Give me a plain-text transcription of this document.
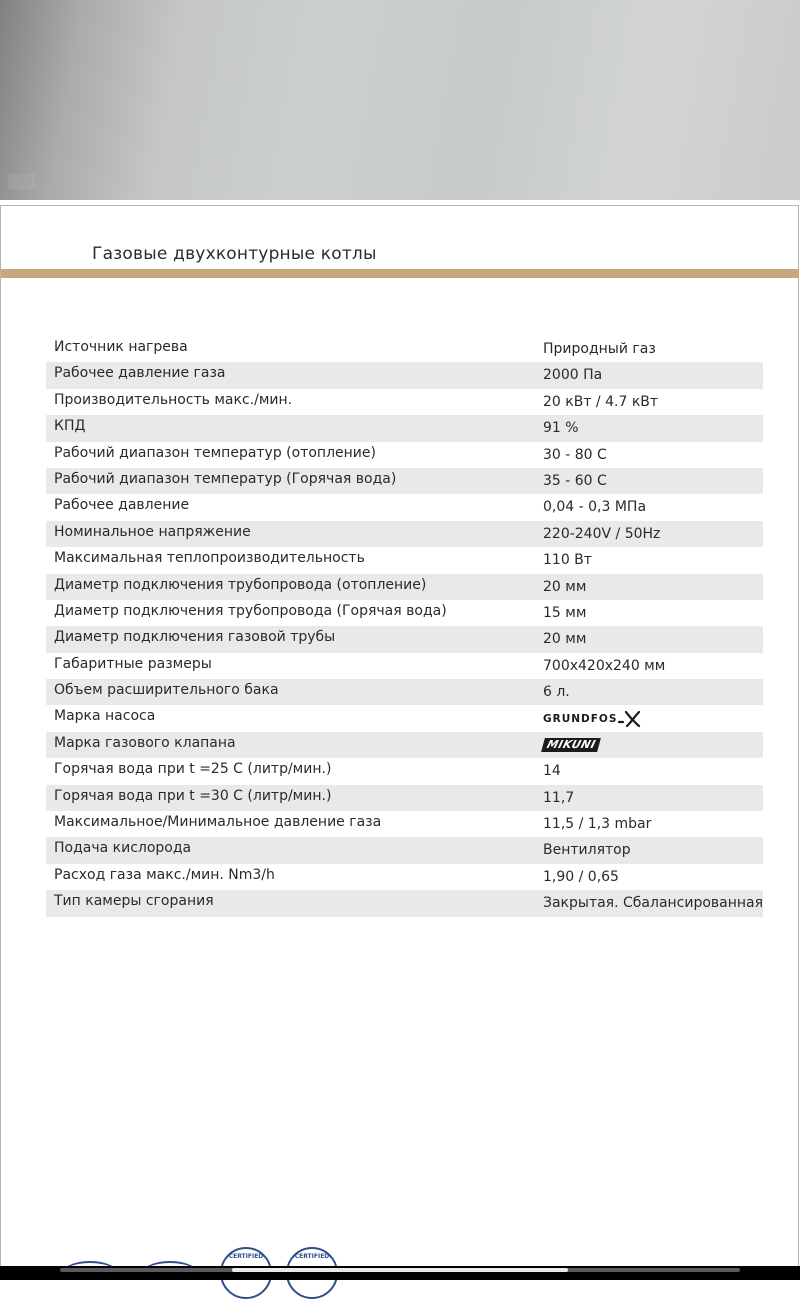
105
Газовые двухконтурные котлы
Источник нагрева	Природный газ
Рабочее давление газа	2000 Па
Производительность макс./мин.	20 кВт / 4.7 кВт
КПД	91 %
Рабочий диапазон температур (отопление)	30 - 80 С
Рабочий диапазон температур (Горячая вода)	35 - 60 С
Рабочее давление	0,04 - 0,3 МПа
Номинальное напряжение	220-240V / 50Hz
Максимальная теплопроизводительность	110 Вт
Диаметр подключения трубопровода (отопление)	20 мм
Диаметр подключения трубопровода (Горячая вода)	15 мм
Диаметр подключения газовой трубы	20 мм
Габаритные размеры	700x420x240 мм
Объем расширительного бака	6 л.
Марка насоса	GRUNDFOS
Марка газового клапана	MIKUNI
Горячая вода при t =25 C (литр/мин.)	14
Горячая вода при t =30 C (литр/мин.)	11,7
Максимальное/Минимальное давление газа	11,5 / 1,3 mbar
Подача кислорода	Вентилятор
Расход газа макс./мин. Nm3/h	1,90 / 0,65
Тип камеры сгорания	Закрытая. Сбалансированная
CERTIFIED	CERTIFIED
